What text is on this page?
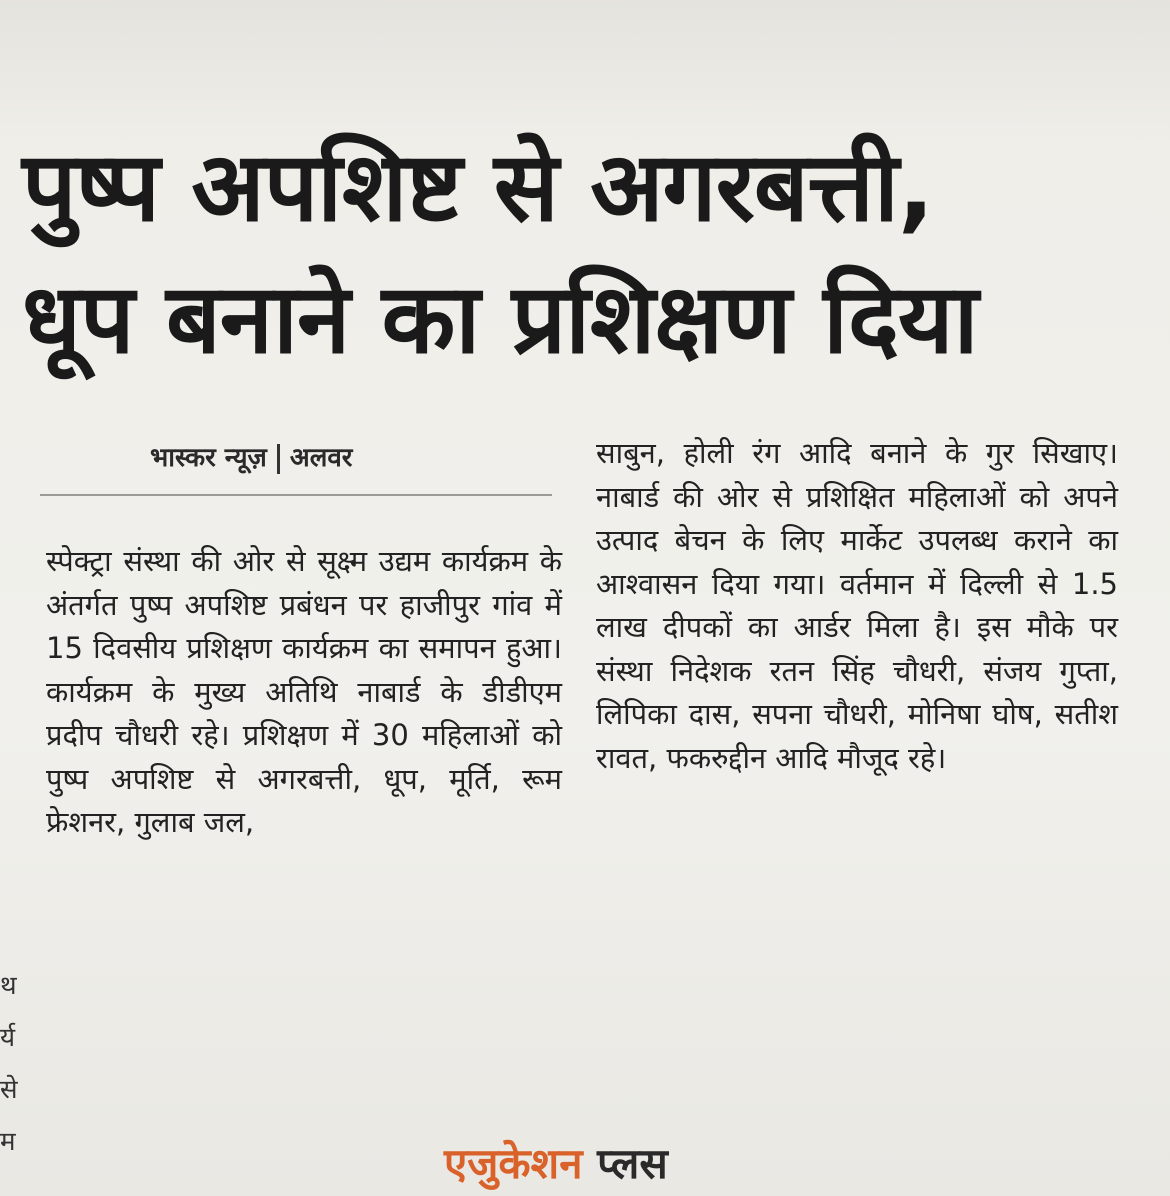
पुष्प अपशिष्ट से अगरबत्ती,
धूप बनाने का प्रशिक्षण दिया
भास्कर न्यूज़ अलवर

स्पेक्ट्रा संस्था की ओर से सूक्ष्म उद्यम कार्यक्रम के अंतर्गत पुष्प अपशिष्ट प्रबंधन पर हाजीपुर गांव में 15 दिवसीय प्रशिक्षण कार्यक्रम का समापन हुआ। कार्यक्रम के मुख्य अतिथि नाबार्ड के डीडीएम प्रदीप चौधरी रहे। प्रशिक्षण में 30 महिलाओं को पुष्प अपशिष्ट से अगरबत्ती, धूप, मूर्ति, रूम फ्रेशनर, गुलाब जल,

साबुन, होली रंग आदि बनाने के गुर सिखाए। नाबार्ड की ओर से प्रशिक्षित महिलाओं को अपने उत्पाद बेचन के लिए मार्केट उपलब्ध कराने का आश्वासन दिया गया। वर्तमान में दिल्ली से 1.5 लाख दीपकों का आर्डर मिला है। इस मौके पर संस्था निदेशक रतन सिंह चौधरी, संजय गुप्ता, लिपिका दास, सपना चौधरी, मोनिषा घोष, सतीश रावत, फकरुद्दीन आदि मौजूद रहे।

थ
र्य
से
म	एजुकेशन प्लस
